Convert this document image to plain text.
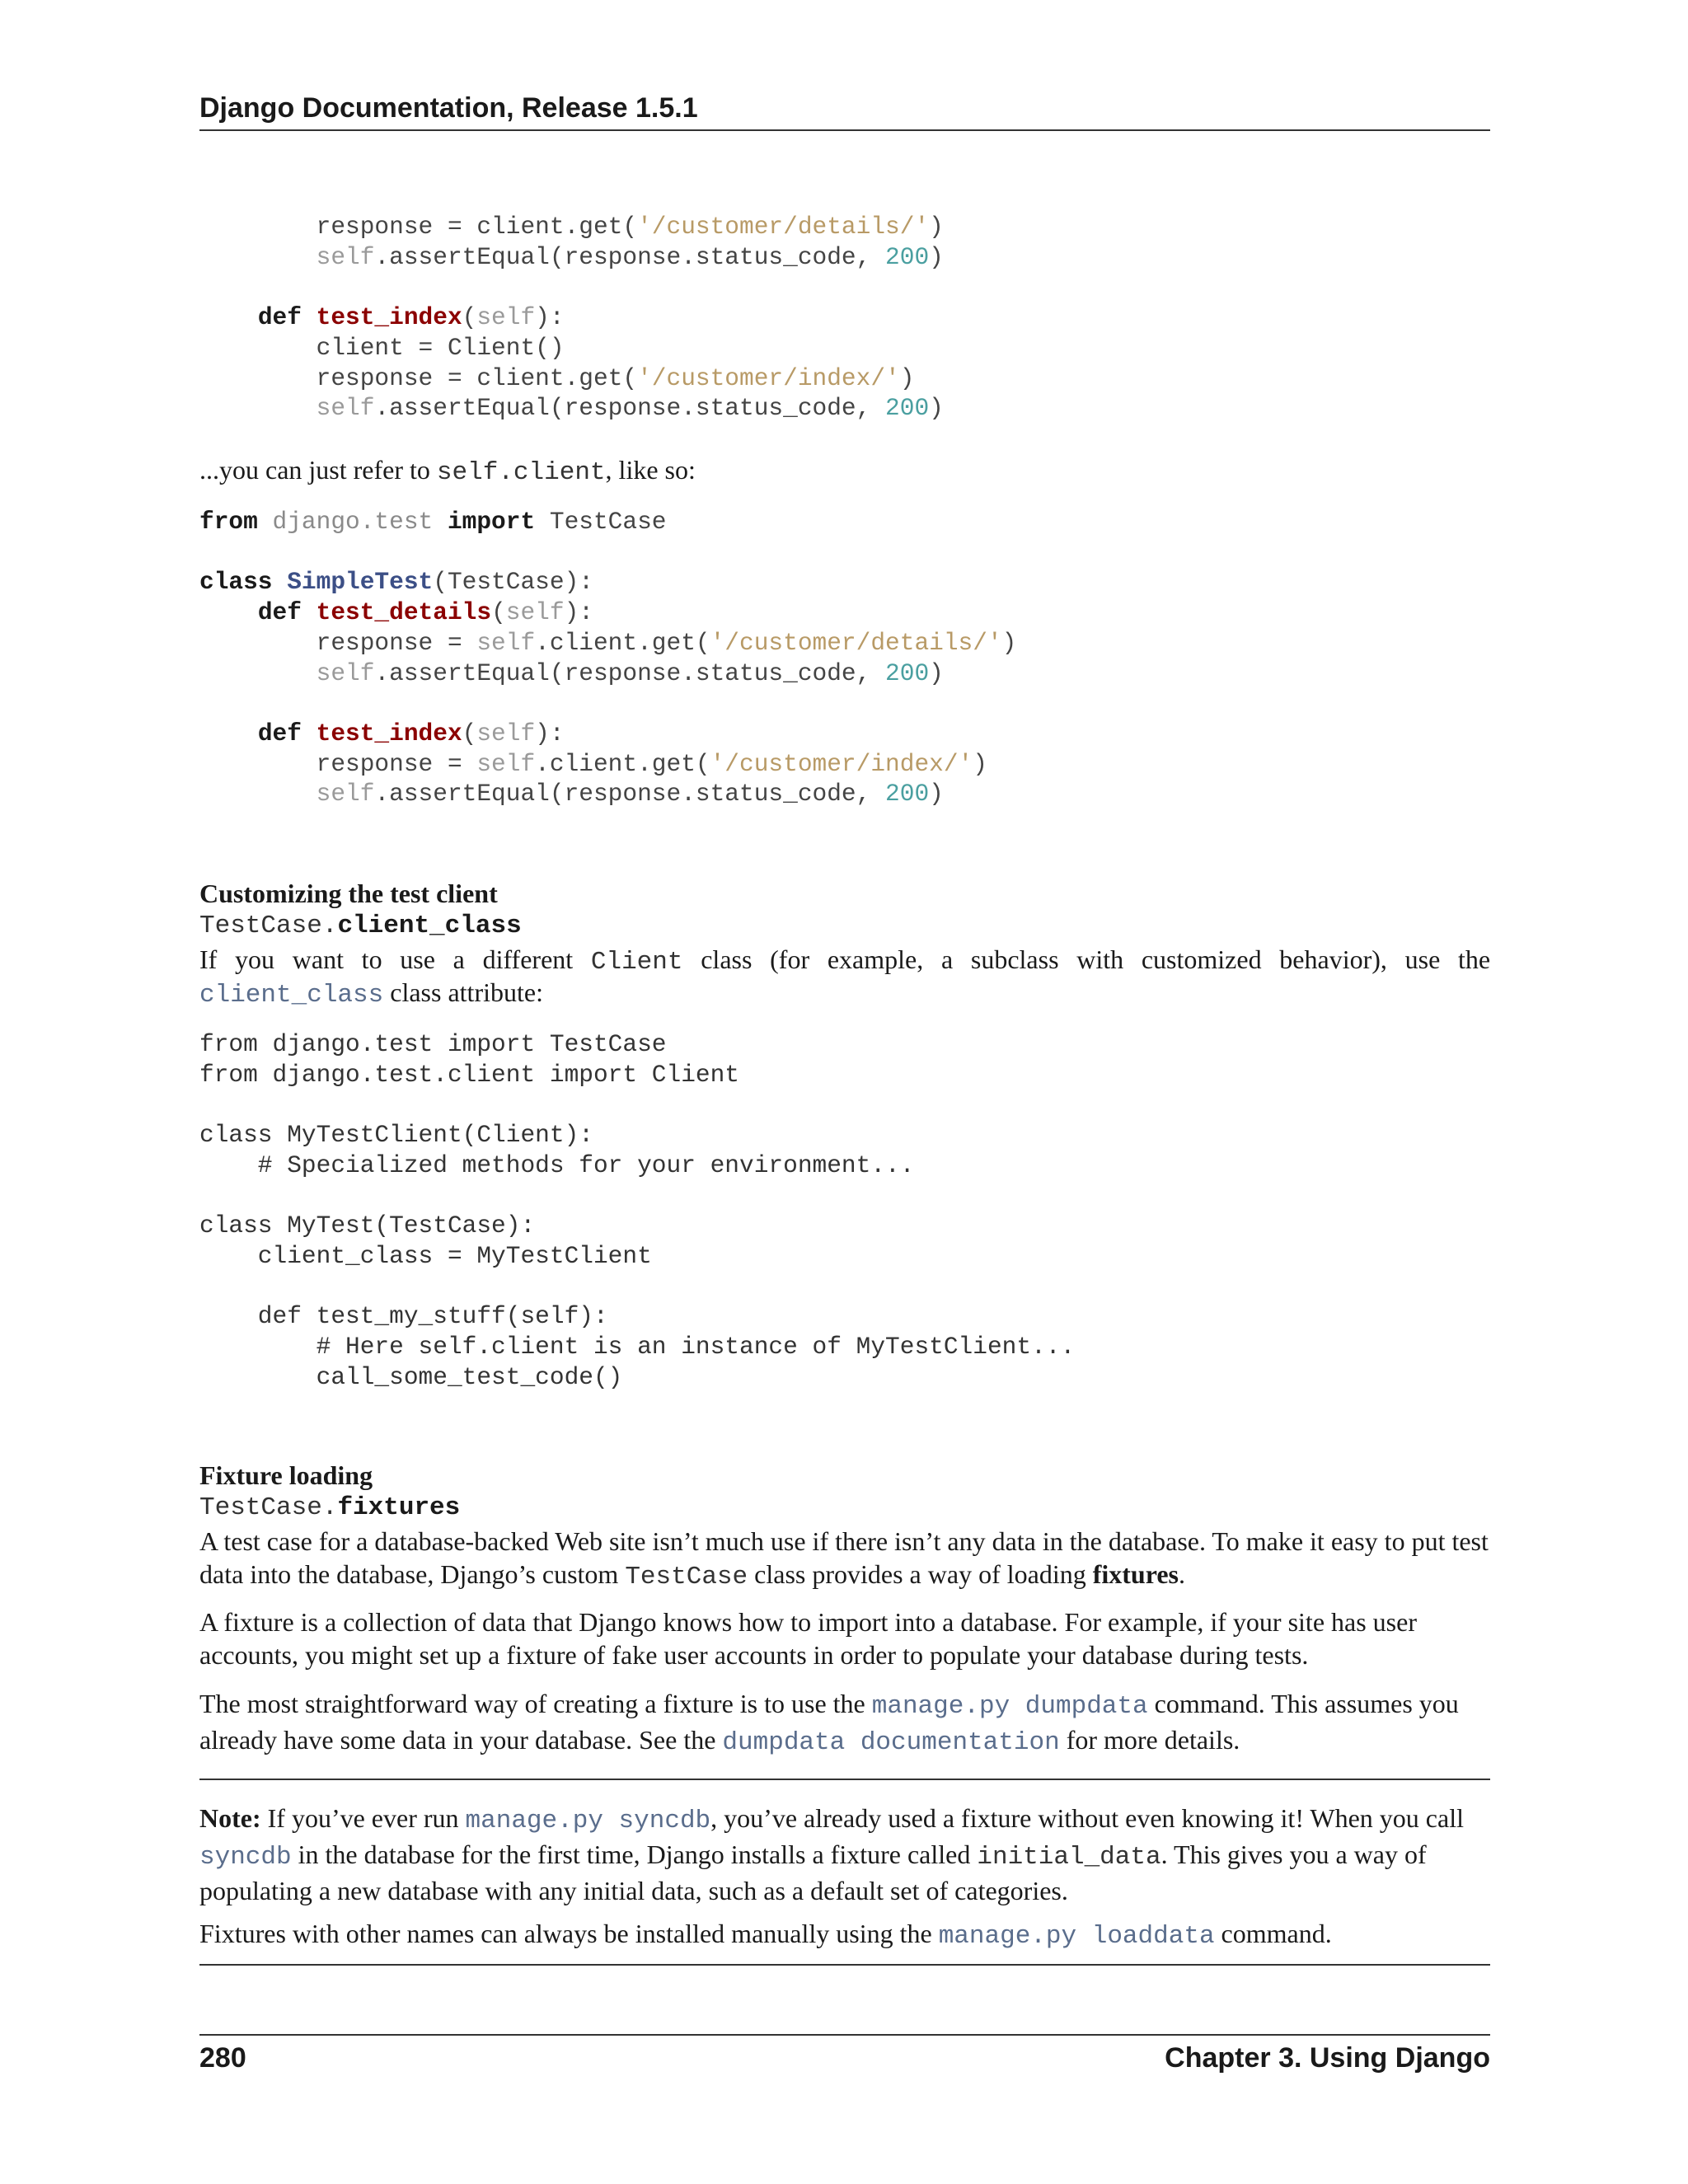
Django Documentation, Release 1.5.1
response = client.get('/customer/details/')
self.assertEqual(response.status_code, 200)

def test_index(self):
client = Client()
response = client.get('/customer/index/')
self.assertEqual(response.status_code, 200)

...you can just refer to self.client, like so:

from django.test import TestCase

class SimpleTest(TestCase):
def test_details(self):
response = self.client.get('/customer/details/')
self.assertEqual(response.status_code, 200)

def test_index(self):
response = self.client.get('/customer/index/')
self.assertEqual(response.status_code, 200)
Customizing the test client
TestCase.client_class

If you want to use a different Client class (for example, a subclass with customized behavior), use the

client_class class attribute:

from django.test import TestCase
from django.test.client import Client

class MyTestClient(Client):
# Specialized methods for your environment...

class MyTest(TestCase):
client_class = MyTestClient

def test_my_stuff(self):
# Here self.client is an instance of MyTestClient...
call_some_test_code()
Fixture loading
TestCase.fixtures

A test case for a database-backed Web site isn’t much use if there isn’t any data in the database. To make it easy to put test data into the database, Django’s custom TestCase class provides a way of loading fixtures.

A fixture is a collection of data that Django knows how to import into a database. For example, if your site has user accounts, you might set up a fixture of fake user accounts in order to populate your database during tests.

The most straightforward way of creating a fixture is to use the manage.py dumpdata command. This assumes you already have some data in your database. See the dumpdata documentation for more details.

Note: If you’ve ever run manage.py syncdb, you’ve already used a fixture without even knowing it! When you call syncdb in the database for the first time, Django installs a fixture called initial_data. This gives you a way of populating a new database with any initial data, such as a default set of categories.

Fixtures with other names can always be installed manually using the manage.py loaddata command.

280	Chapter 3. Using Django
